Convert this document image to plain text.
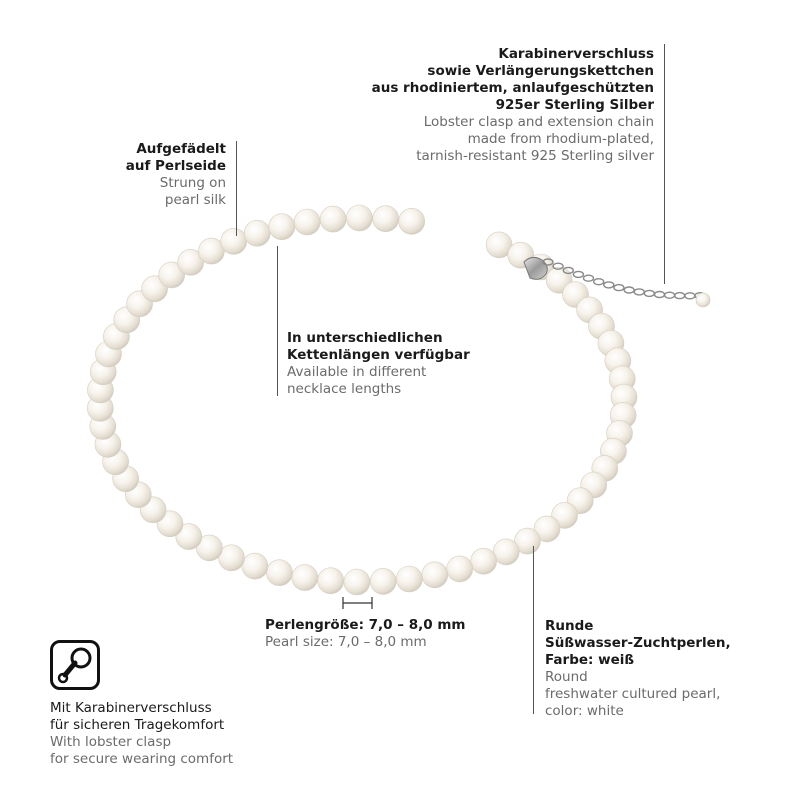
Karabinerverschluss
sowie Verlängerungskettchen
aus rhodiniertem, anlaufgeschützten
925er Sterling Silber
Lobster clasp and extension chain
made from rhodium-plated,
tarnish-resistant 925 Sterling silver
Aufgefädelt
auf Perlseide
Strung on
pearl silk
In unterschiedlichen
Kettenlängen verfügbar
Available in different
necklace lengths
Perlengröße: 7,0 – 8,0 mm
Pearl size: 7,0 – 8,0 mm
Runde
Süßwasser-Zuchtperlen,
Farbe: weiß
Round
freshwater cultured pearl,
color: white
Mit Karabinerverschluss
für sicheren Tragekomfort
With lobster clasp
for secure wearing comfort
